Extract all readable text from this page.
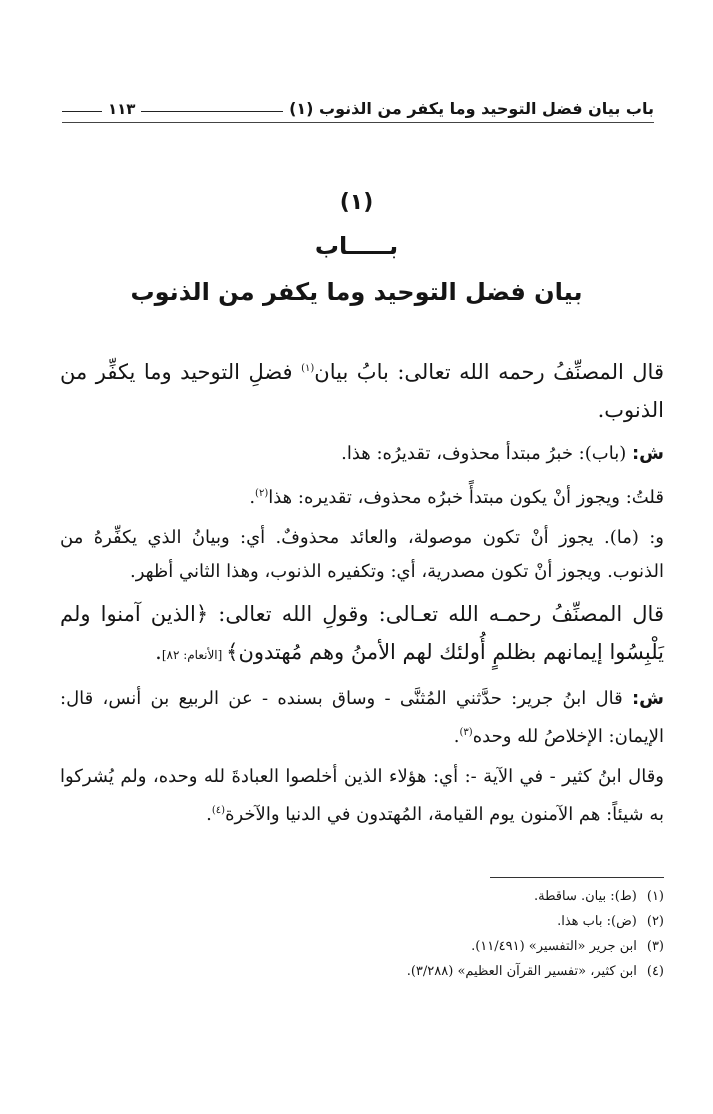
باب بيان فضل التوحيد وما يكفر من الذنوب (١)
١١٣
(١)
بـــــاب
بيان فضل التوحيد وما يكفر من الذنوب

قال المصنِّفُ رحمه الله تعالى: بابُ بيان$^{(١)}$ فضلِ التوحيد وما يكفِّر من الذنوب.

ش: (باب): خبرُ مبتدأ محذوف، تقديرُه: هذا.

قلتُ: ويجوز أنْ يكون مبتدأً خبرُه محذوف، تقديره: هذا$^{(٢)}$.

و: (ما). يجوز أنْ تكون موصولة، والعائد محذوفٌ. أي: وبيانُ الذي يكفِّرهُ من الذنوب. ويجوز أنْ تكون مصدرية، أي: وتكفيره الذنوب، وهذا الثاني أظهر.

قال المصنِّفُ رحمـه الله تعـالى: وقولِ الله تعالى: ﴿الذين آمنوا ولم يَلْبِسُوا إيمانهم بظلمٍ أُولئك لهم الأمنُ وهم مُهتدون﴾ [الأنعام: ٨٢].

ش: قال ابنُ جرير: حدَّثني المُثنَّى - وساق بسنده - عن الربيع بن أنس، قال: الإيمان: الإخلاصُ لله وحده$^{(٣)}$.

وقال ابنُ كثير - في الآية -: أي: هؤلاء الذين أخلصوا العبادةَ لله وحده، ولم يُشركوا به شيئاً: هم الآمنون يوم القيامة، المُهتدون في الدنيا والآخرة$^{(٤)}$.

(١)(ط): بيان. ساقطة.

(٢)(ض): باب هذا.

(٣)ابن جرير «التفسير» (١١/٤٩١).

(٤)ابن كثير، «تفسير القرآن العظيم» (٣/٢٨٨).
